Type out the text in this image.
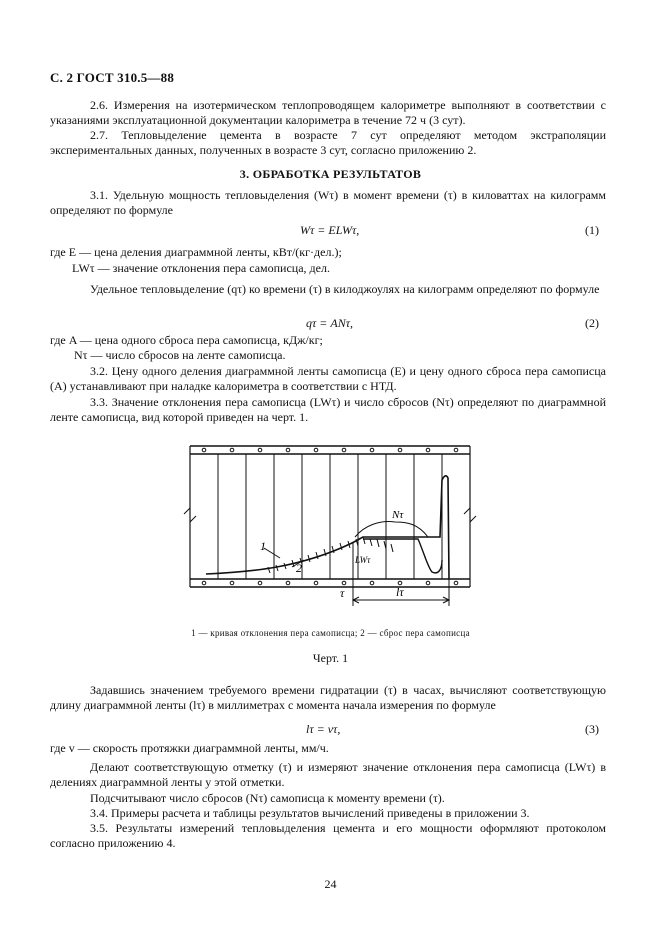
С. 2 ГОСТ 310.5—88

2.6. Измерения на изотермическом теплопроводящем калориметре выполняют в соответствии с указаниями эксплуатационной документации калориметра в течение 72 ч (3 сут).

2.7. Тепловыделение цемента в возрасте 7 сут определяют методом экстраполяции экспериментальных данных, полученных в возрасте 3 сут, согласно приложению 2.

3. ОБРАБОТКА РЕЗУЛЬТАТОВ

3.1. Удельную мощность тепловыделения (Wτ) в момент времени (τ) в киловаттах на килограмм определяют по формуле

Wτ = ELWτ,	(1)
где E — цена деления диаграммной ленты, кВт/(кг·дел.);
LWτ — значение отклонения пера самописца, дел.

Удельное тепловыделение (qτ) ко времени (τ) в килоджоулях на килограмм определяют по формуле

qτ = ANτ,	(2)
где A — цена одного сброса пера самописца, кДж/кг;
Nτ — число сбросов на ленте самописца.

3.2. Цену одного деления диаграммной ленты самописца (E) и цену одного сброса пера самописца (A) устанавливают при наладке калориметра в соответствии с НТД.

3.3. Значение отклонения пера самописца (LWτ) и число сбросов (Nτ) определяют по диаграммной ленте самописца, вид которой приведен на черт. 1.

1
2
Nτ
LWτ
τ	lτ
1 — кривая отклонения пера самописца; 2 — сброс пера самописца
Черт. 1

Задавшись значением требуемого времени гидратации (τ) в часах, вычисляют соответствующую длину диаграммной ленты (lτ) в миллиметрах с момента начала измерения по формуле

lτ = vτ,	(3)
где v — скорость протяжки диаграммной ленты, мм/ч.

Делают соответствующую отметку (τ) и измеряют значение отклонения пера самописца (LWτ) в делениях диаграммной ленты у этой отметки.

Подсчитывают число сбросов (Nτ) самописца к моменту времени (τ).

3.4. Примеры расчета и таблицы результатов вычислений приведены в приложении 3.

3.5. Результаты измерений тепловыделения цемента и его мощности оформляют протоколом согласно приложению 4.

24
